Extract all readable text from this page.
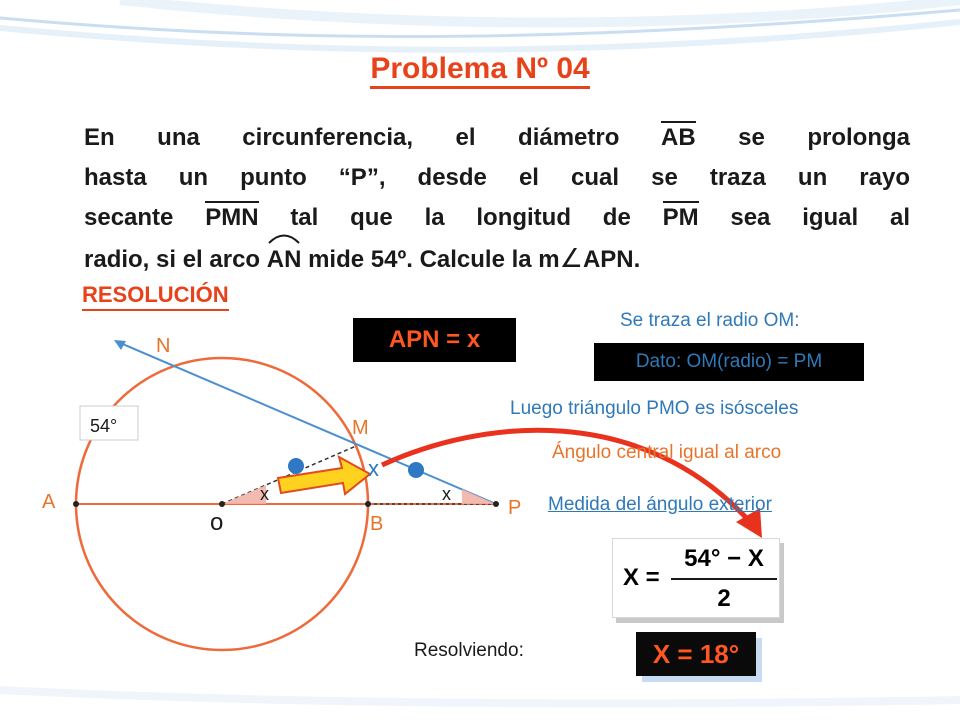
Problema Nº 04

En una circunferencia, el diámetro AB se prolonga

hasta un punto “P”, desde el cual se traza un rayo

secante PMN tal que la longitud de PM sea igual al

radio, si el arco
AN mide 54º. Calcule la m∠APN.

RESOLUCIÓN
54°
N
M
A
o	B
P
x
x	x
APN = x
Se traza el radio OM:
Dato: OM(radio) = PM
Luego triángulo PMO es isósceles
Ángulo central igual al arco
Medida del ángulo exterior
X =
54° − X
2
Resolviendo:	X = 18°
